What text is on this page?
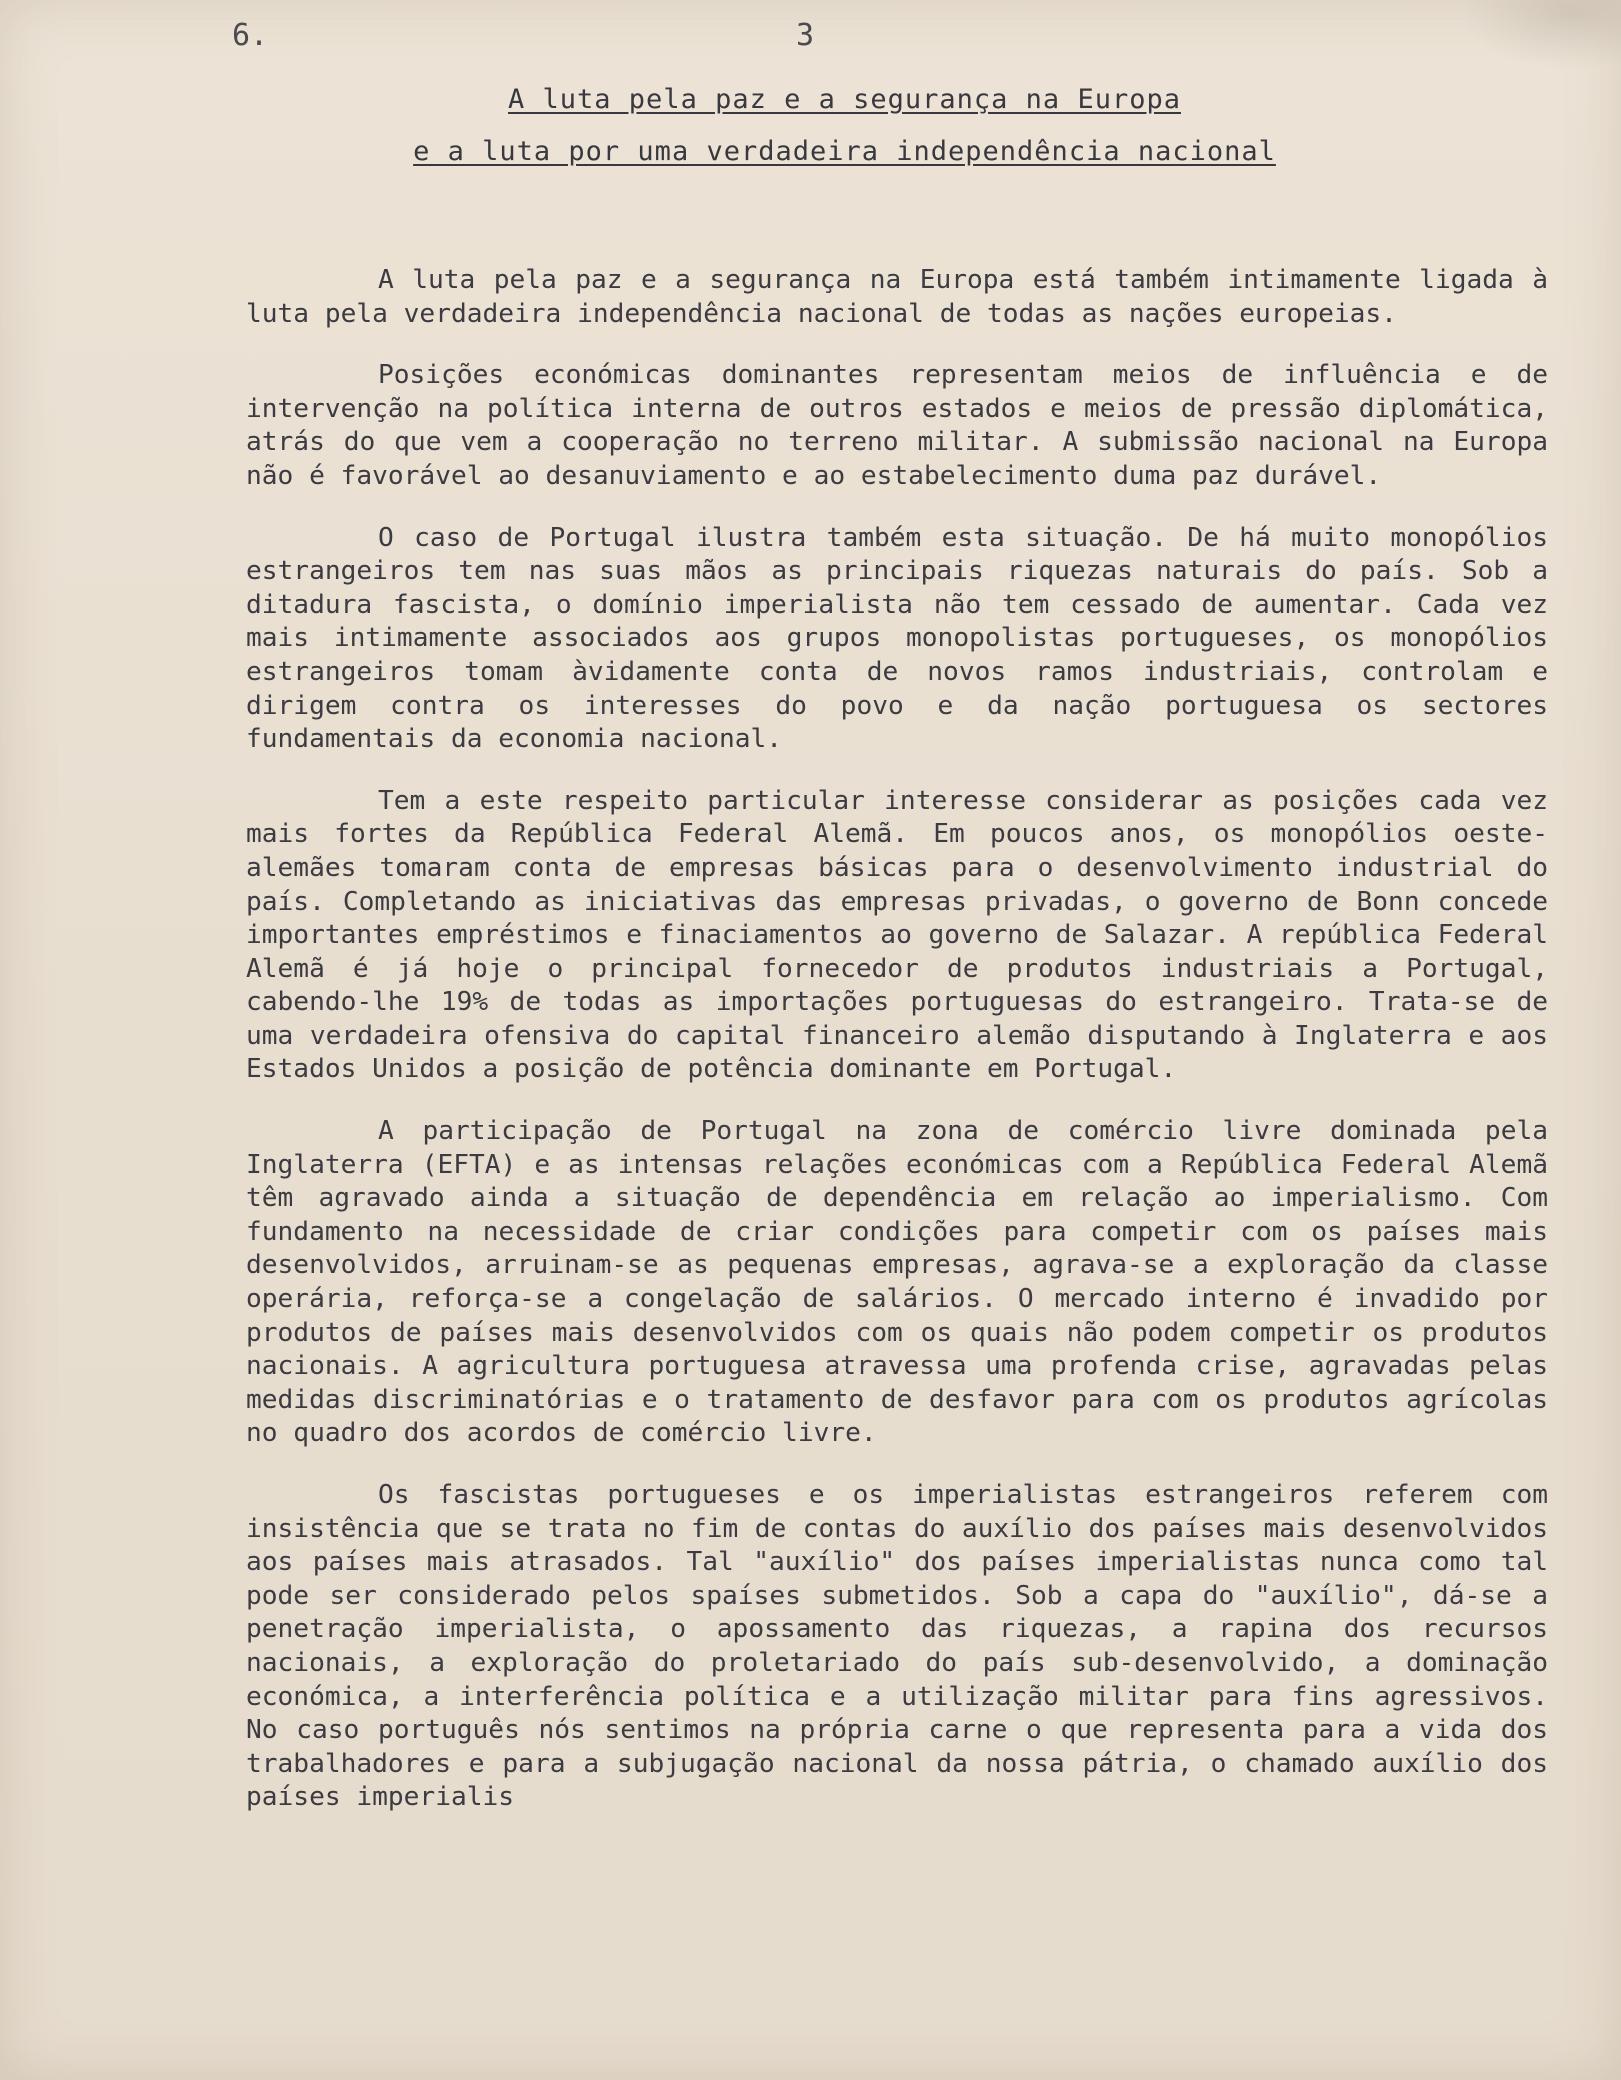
6.	3
A luta pela paz e a segurança na Europa
e a luta por uma verdadeira independência nacional

A luta pela paz e a segurança na Europa está também intimamente ligada à luta pela verdadeira independência nacional de todas as nações europeias.

Posições económicas dominantes representam meios de influência e de intervenção na política interna de outros estados e meios de pressão diplomática, atrás do que vem a cooperação no terreno militar. A submissão nacional na Europa não é favorável ao desanuviamento e ao estabelecimento duma paz durável.

O caso de Portugal ilustra também esta situação. De há muito monopólios estrangeiros tem nas suas mãos as principais riquezas naturais do país. Sob a ditadura fascista, o domínio imperialista não tem cessado de aumentar. Cada vez mais intimamente associados aos grupos monopolistas portugueses, os monopólios estrangeiros tomam àvidamente conta de novos ramos industriais, controlam e dirigem contra os interesses do povo e da nação portuguesa os sectores fundamentais da economia nacional.

Tem a este respeito particular interesse considerar as posições cada vez mais fortes da República Federal Alemã. Em poucos anos, os monopólios oeste-alemães tomaram conta de empresas básicas para o desenvolvimento industrial do país. Completando as iniciativas das empresas privadas, o governo de Bonn concede importantes empréstimos e finaciamentos ao governo de Salazar. A república Federal Alemã é já hoje o principal fornecedor de produtos industriais a Portugal, cabendo-lhe 19% de todas as importações portuguesas do estrangeiro. Trata-se de uma verdadeira ofensiva do capital financeiro alemão disputando à Inglaterra e aos Estados Unidos a posição de potência dominante em Portugal.

A participação de Portugal na zona de comércio livre dominada pela Inglaterra (EFTA) e as intensas relações económicas com a República Federal Alemã têm agravado ainda a situação de dependência em relação ao imperialismo. Com fundamento na necessidade de criar condições para competir com os países mais desenvolvidos, arruinam-se as pequenas empresas, agrava-se a exploração da classe operária, reforça-se a congelação de salários. O mercado interno é invadido por produtos de países mais desenvolvidos com os quais não podem competir os produtos nacionais. A agricultura portuguesa atravessa uma profenda crise, agravadas pelas medidas discriminatórias e o tratamento de desfavor para com os produtos agrícolas no quadro dos acordos de comércio livre.

Os fascistas portugueses e os imperialistas estrangeiros referem com insistência que se trata no fim de contas do auxílio dos países mais desenvolvidos aos países mais atrasados. Tal "auxílio" dos países imperialistas nunca como tal pode ser considerado pelos spaíses submetidos. Sob a capa do "auxílio", dá-se a penetração imperialista, o apossamento das riquezas, a rapina dos recursos nacionais, a exploração do proletariado do país sub-desenvolvido, a dominação económica, a interferência política e a utilização militar para fins agressivos. No caso português nós sentimos na própria carne o que representa para a vida dos trabalhadores e para a subjugação nacional da nossa pátria, o chamado auxílio dos países imperialis
